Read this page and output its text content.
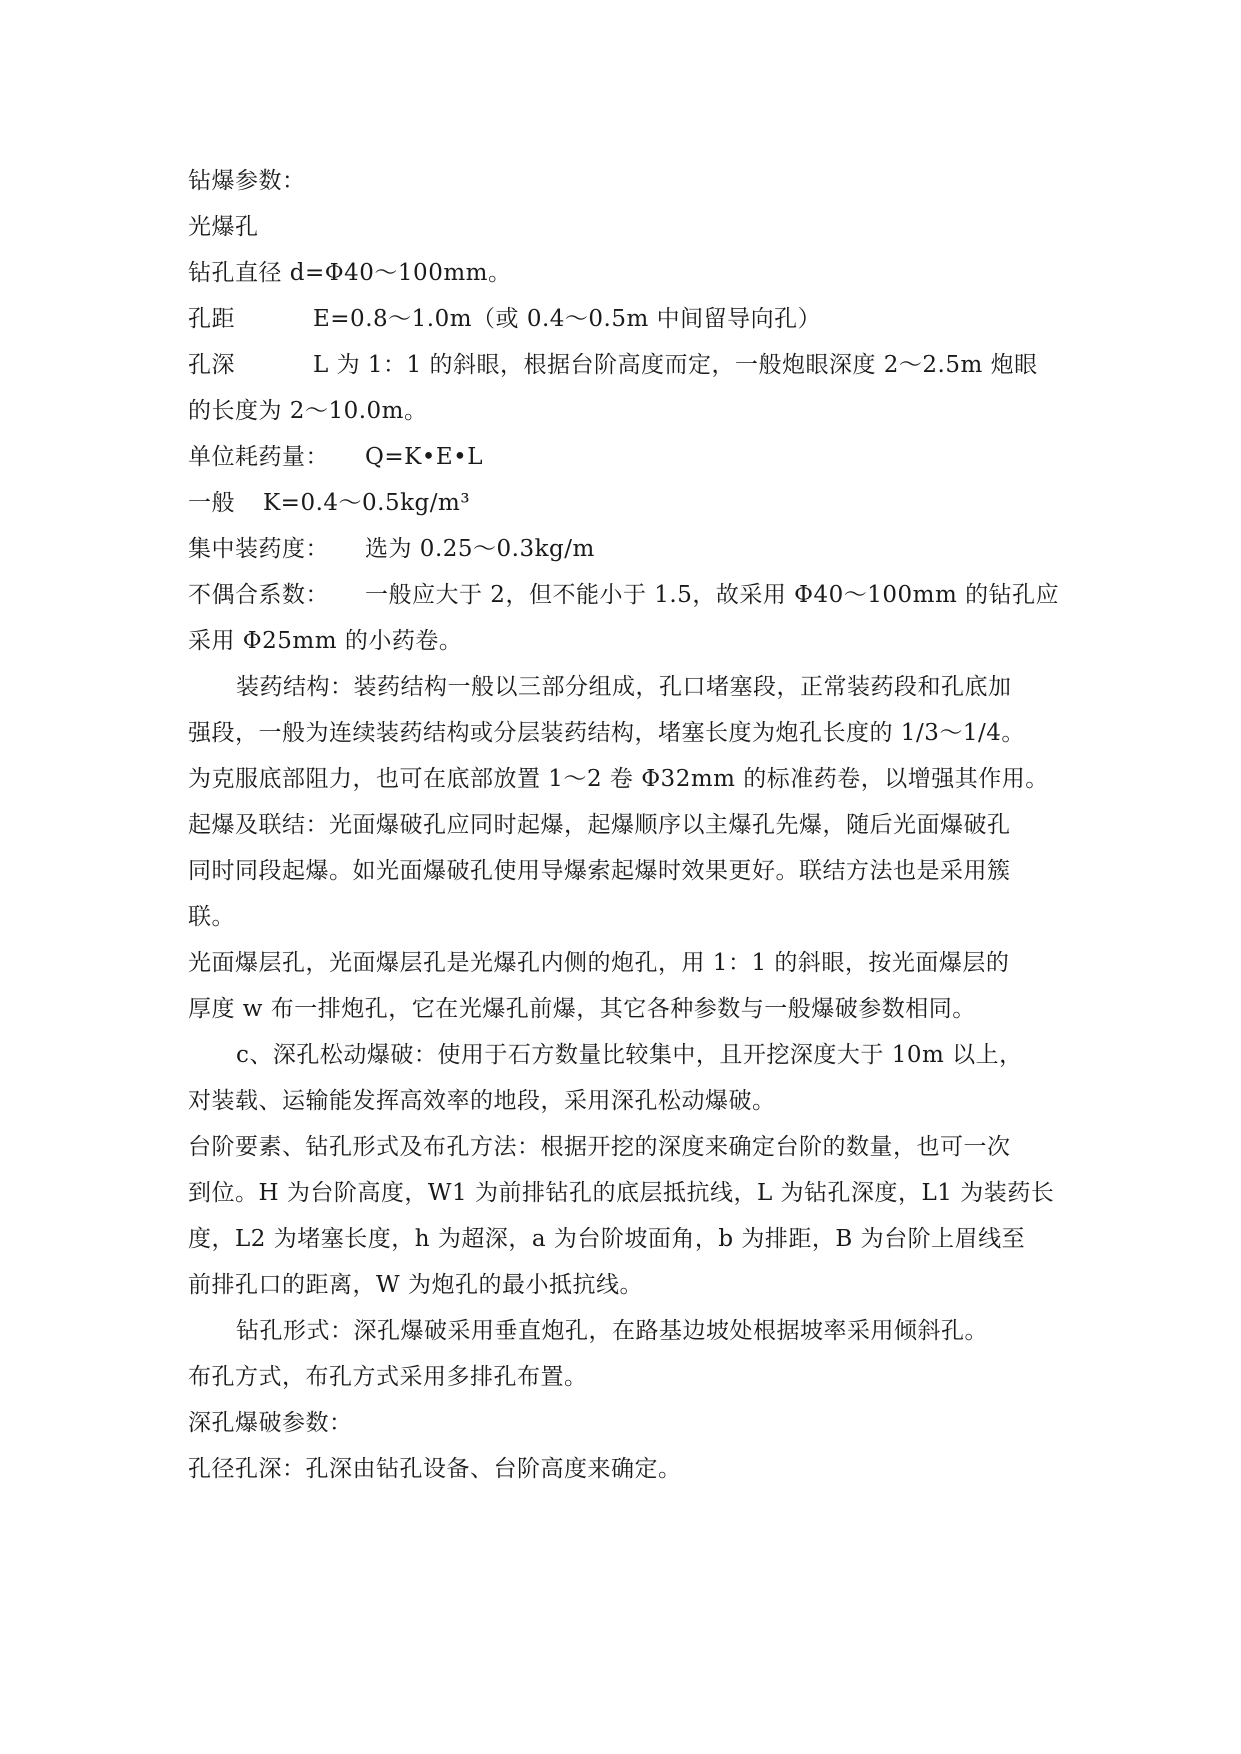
钻爆参数：
光爆孔
钻孔直径 d=Φ40～100mm。
孔距	E=0.8～1.0m（或 0.4～0.5m 中间留导向孔）
孔深	L 为 1：1 的斜眼，根据台阶高度而定，一般炮眼深度 2～2.5m 炮眼
的长度为 2～10.0m。
单位耗药量： Q=K•E•L
一般 K=0.4～0.5kg/m³
集中装药度： 选为 0.25～0.3kg/m
不偶合系数： 一般应大于 2，但不能小于 1.5，故采用 Φ40～100mm 的钻孔应
采用 Φ25mm 的小药卷。
装药结构：装药结构一般以三部分组成，孔口堵塞段，正常装药段和孔底加
强段，一般为连续装药结构或分层装药结构，堵塞长度为炮孔长度的 1/3～1/4。
为克服底部阻力，也可在底部放置 1～2 卷 Φ32mm 的标准药卷，以增强其作用。
起爆及联结：光面爆破孔应同时起爆，起爆顺序以主爆孔先爆，随后光面爆破孔
同时同段起爆。如光面爆破孔使用导爆索起爆时效果更好。联结方法也是采用簇
联。
光面爆层孔，光面爆层孔是光爆孔内侧的炮孔，用 1：1 的斜眼，按光面爆层的
厚度 w 布一排炮孔，它在光爆孔前爆，其它各种参数与一般爆破参数相同。
c、深孔松动爆破：使用于石方数量比较集中，且开挖深度大于 10m 以上，
对装载、运输能发挥高效率的地段，采用深孔松动爆破。
台阶要素、钻孔形式及布孔方法：根据开挖的深度来确定台阶的数量，也可一次
到位。H 为台阶高度，W1 为前排钻孔的底层抵抗线，L 为钻孔深度，L1 为装药长
度，L2 为堵塞长度，h 为超深，a 为台阶坡面角，b 为排距，B 为台阶上眉线至
前排孔口的距离，W 为炮孔的最小抵抗线。
钻孔形式：深孔爆破采用垂直炮孔，在路基边坡处根据坡率采用倾斜孔。
布孔方式，布孔方式采用多排孔布置。
深孔爆破参数：
孔径孔深：孔深由钻孔设备、台阶高度来确定。
